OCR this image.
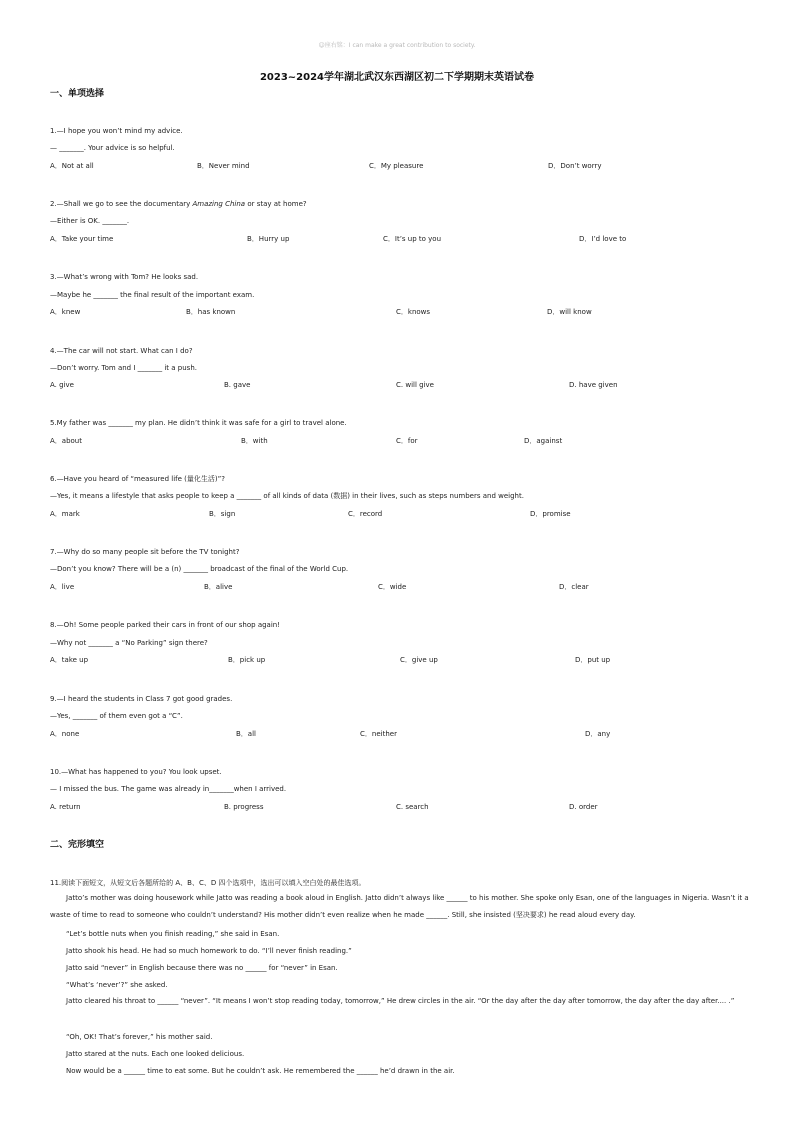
☺座右铭：I can make a great contribution to society.
2023~2024学年湖北武汉东西湖区初二下学期期末英语试卷
一、单项选择
1.—I hope you won’t mind my advice.
— _______. Your advice is so helpful.
A．Not at all	B．Never mind	C．My pleasure	D．Don’t worry
2.—Shall we go to see the documentary Amazing China or stay at home?
—Either is OK. _______.
A．Take your time	B．Hurry up	C．It’s up to you	D．I’d love to
3.—What’s wrong with Tom? He looks sad.
—Maybe he _______ the final result of the important exam.
A．knew	B．has known	C．knows	D．will know
4.—The car will not start. What can I do?
—Don’t worry. Tom and I _______ it a push.
A. give	B. gave	C. will give	D. have given
5.My father was _______ my plan. He didn’t think it was safe for a girl to travel alone.
A．about	B．with	C．for	D．against
6.—Have you heard of “measured life (量化生活)”?
—Yes, it means a lifestyle that asks people to keep a _______ of all kinds of data (数据) in their lives, such as steps numbers and weight.
A．mark	B．sign	C．record	D．promise
7.—Why do so many people sit before the TV tonight?
—Don’t you know? There will be a (n) _______ broadcast of the final of the World Cup.
A．live	B．alive	C．wide	D．clear
8.—Oh! Some people parked their cars in front of our shop again!
—Why not _______ a “No Parking” sign there?
A．take up	B．pick up	C．give up	D．put up
9.—I heard the students in Class 7 got good grades.
—Yes, _______ of them even got a “C”.
A．none	B．all	C．neither	D．any
10.—What has happened to you? You look upset.
— I missed the bus. The game was already in_______when I arrived.
A. return	B. progress	C. search	D. order
二、完形填空
11.阅读下面短文，从短文后各题所给的 A、B、C、D 四个选项中，选出可以填入空白处的最佳选项。
Jatto’s mother was doing housework while Jatto was reading a book aloud in English. Jatto didn’t always like ______ to his mother. She spoke only Esan, one of the languages in Nigeria. Wasn’t it a waste of time to read to someone who couldn’t understand? His mother didn’t even realize when he made ______. Still, she insisted (坚决要求) he read aloud every day.
“Let’s bottle nuts when you finish reading,” she said in Esan.
Jatto shook his head. He had so much homework to do. “I’ll never finish reading.”
Jatto said “never” in English because there was no ______ for “never” in Esan.
“What’s ‘never’?” she asked.
Jatto cleared his throat to ______ “never”. “It means I won’t stop reading today, tomorrow,” He drew circles in the air. “Or the day after the day after tomorrow, the day after the day after.... .”
“Oh, OK! That’s forever,” his mother said.
Jatto stared at the nuts. Each one looked delicious.
Now would be a ______ time to eat some. But he couldn’t ask. He remembered the ______ he’d drawn in the air.
